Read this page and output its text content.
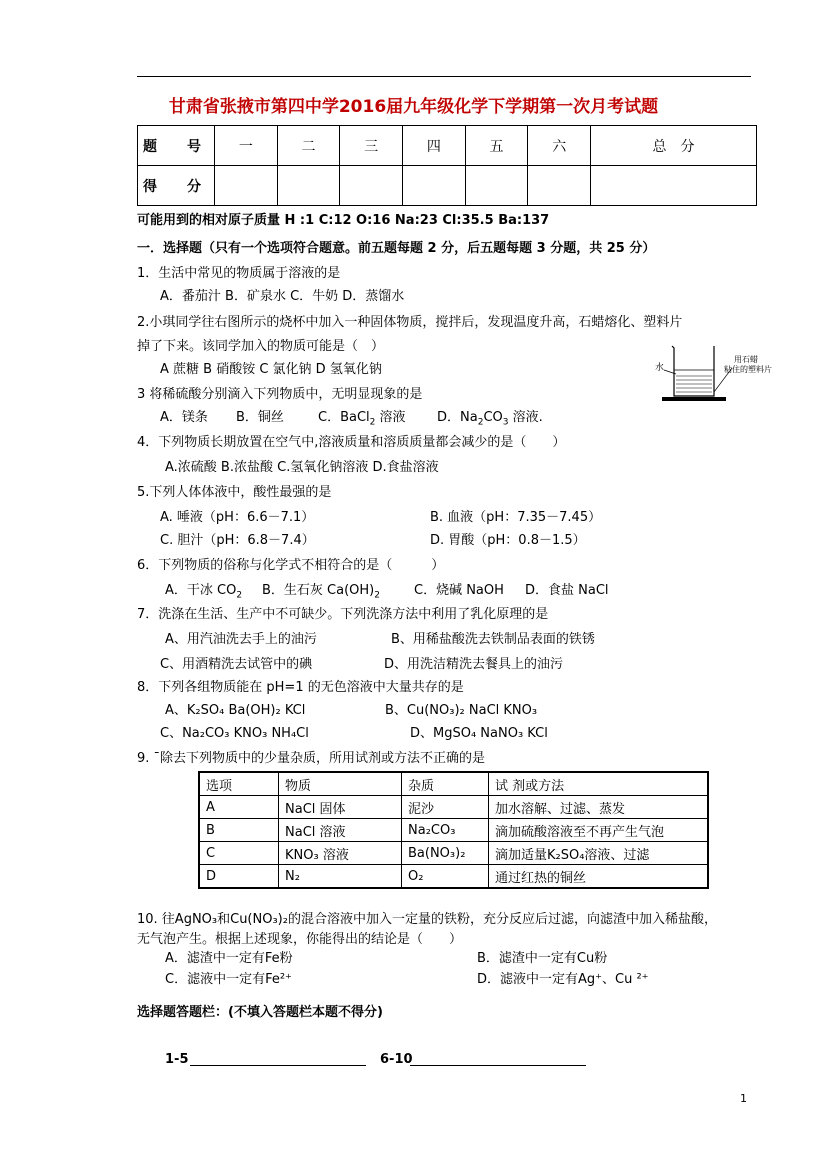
甘肃省张掖市第四中学2016届九年级化学下学期第一次月考试题
题　号	一	二	三	四	五	六	总　分
得　分							
可能用到的相对原子质量 H :1 C:12 O:16 Na:23 Cl:35.5 Ba:137
一．选择题（只有一个选项符合题意。前五题每题 2 分，后五题每题 3 分题，共 25 分）
1．生活中常见的物质属于溶液的是
A．番茄汁 B．矿泉水 C．牛奶 D．蒸馏水
2.小琪同学往右图所示的烧杯中加入一种固体物质，搅拌后，发现温度升高，石蜡熔化、塑料片
掉了下来。该同学加入的物质可能是（　）
A 蔗糖 B 硝酸铵 C 氯化钠 D 氢氧化钠	水
用石蜡
粘住的塑料片
3 将稀硫酸分别滴入下列物质中，无明显现象的是
A．镁条 B．铜丝	C．BaCl$_2$ 溶液 D．$Na_2CO_3$ 溶液.
4．下列物质长期放置在空气中,溶液质量和溶质质量都会减少的是（　　）
A.浓硫酸 B.浓盐酸 C.氢氧化钠溶液 D.食盐溶液
5.下列人体体液中，酸性最强的是
A. 唾液（pH：6.6－7.1）	B. 血液（pH：7.35－7.45）
C. 胆汁（pH：6.8－7.4）	D. 胃酸（pH：0.8－1.5）
6．下列物质的俗称与化学式不相符合的是（　　　）
A．干冰 $CO_2$ B．生石灰 $Ca(OH)_2$	C．烧碱 NaOH D．食盐 NaCl
7．洗涤在生活、生产中不可缺少。下列洗涤方法中利用了乳化原理的是
A、用汽油洗去手上的油污	B、用稀盐酸洗去铁制品表面的铁锈
C、用酒精洗去试管中的碘	D、用洗洁精洗去餐具上的油污
8．下列各组物质能在 pH=1 的无色溶液中大量共存的是
A、K₂SO₄ Ba(OH)₂ KCl	B、Cu(NO₃)₂ NaCl KNO₃
C、Na₂CO₃ KNO₃ NH₄Cl	D、MgSO₄ NaNO₃ KCl
9. ˉ除去下列物质中的少量杂质，所用试剂或方法不正确的是
选项	物质	杂质	试 剂或方法
A	NaCl 固体	泥沙	加水溶解、过滤、蒸发
B	NaCl 溶液	Na₂CO₃	滴加硫酸溶液至不再产生气泡
C	KNO₃ 溶液	Ba(NO₃)₂	滴加适量K₂SO₄溶液、过滤
D	N₂	O₂	通过红热的铜丝
10. 往AgNO₃和Cu(NO₃)₂的混合溶液中加入一定量的铁粉，充分反应后过滤，向滤渣中加入稀盐酸，
无气泡产生。根据上述现象，你能得出的结论是（　　）
A．滤渣中一定有Fe粉	B．滤渣中一定有Cu粉
C．滤液中一定有Fe²⁺	D．滤液中一定有Ag⁺、Cu ²⁺
选择题答题栏：(不填入答题栏本题不得分)
1-5	6-10
1
